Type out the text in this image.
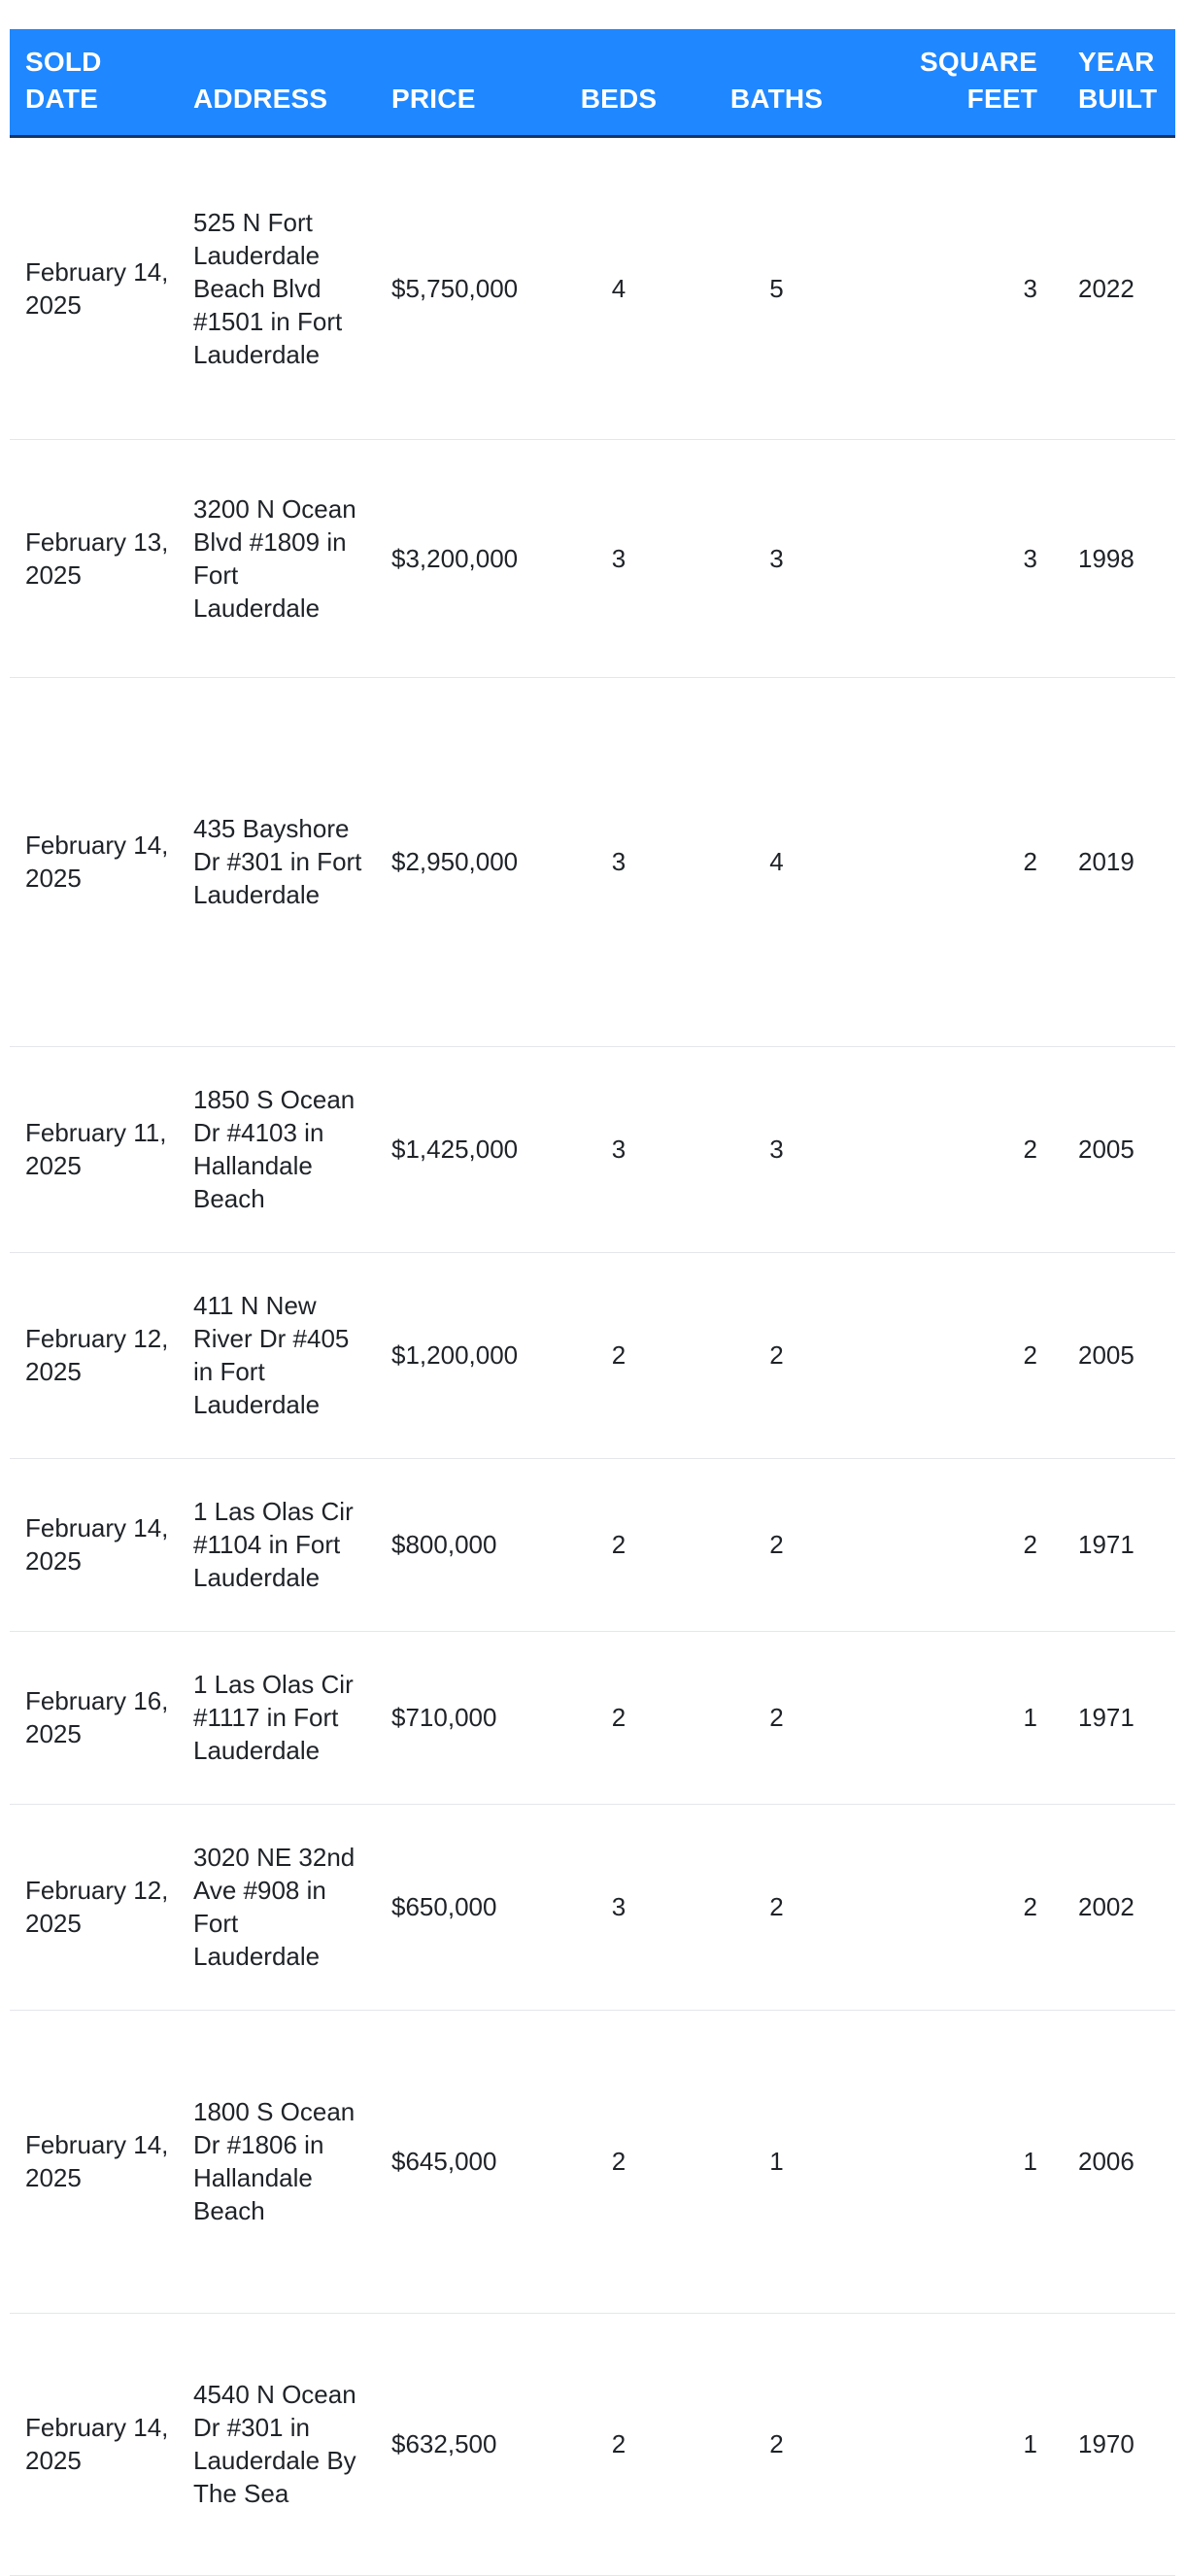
SOLD DATE	ADDRESS	PRICE	BEDS	BATHS	SQUARE FEET	YEAR BUILT
February 14, 2025	525 N Fort Lauderdale Beach Blvd #1501 in Fort Lauderdale	$5,750,000	4	5	3	2022
February 13, 2025	3200 N Ocean Blvd #1809 in Fort Lauderdale	$3,200,000	3	3	3	1998
February 14, 2025	435 Bayshore Dr #301 in Fort Lauderdale	$2,950,000	3	4	2	2019
February 11, 2025	1850 S Ocean Dr #4103 in Hallandale Beach	$1,425,000	3	3	2	2005
February 12, 2025	411 N New River Dr #405 in Fort Lauderdale	$1,200,000	2	2	2	2005
February 14, 2025	1 Las Olas Cir #1104 in Fort Lauderdale	$800,000	2	2	2	1971
February 16, 2025	1 Las Olas Cir #1117 in Fort Lauderdale	$710,000	2	2	1	1971
February 12, 2025	3020 NE 32nd Ave #908 in Fort Lauderdale	$650,000	3	2	2	2002
February 14, 2025	1800 S Ocean Dr #1806 in Hallandale Beach	$645,000	2	1	1	2006
February 14, 2025	4540 N Ocean Dr #301 in Lauderdale By The Sea	$632,500	2	2	1	1970
